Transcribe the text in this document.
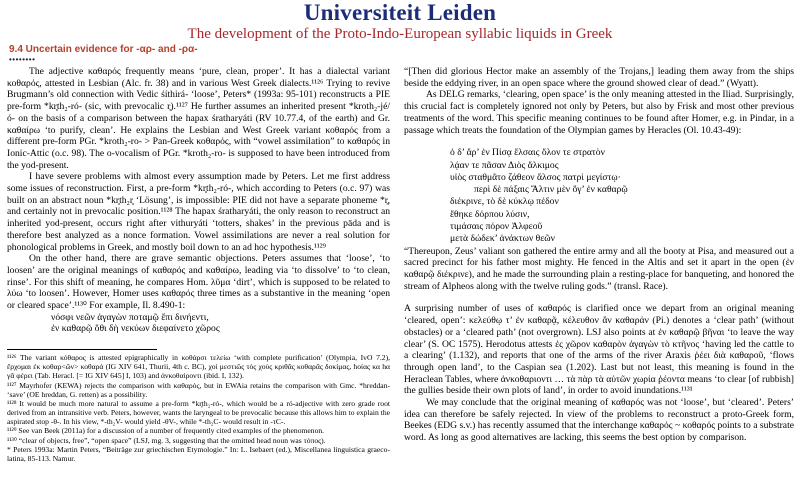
Universiteit Leiden
The development of the Proto-Indo-European syllabic liquids in Greek
9.4 Uncertain evidence for -αρ- and -ρα-
••••••••

The adjective καθαρός frequently means ‘pure, clean, proper’. It has a dialectal variant κοθαρός, attested in Lesbian (Alc. fr. 38) and in various West Greek dialects.¹¹²⁶ Trying to revive Brugmann’s old connection with Vedic śíthirá- ‘loose’, Peters* (1993a: 95-101) reconstructs a PIE pre-form *kr̥th₂-ró- (sic, with prevocalic r̥).¹¹²⁷ He further assumes an inherited present *kroth₂-jé/ó- on the basis of a comparison between the hapax śratharyáti (RV 10.77.4, of the earth) and Gr. καθαίρω ‘to purify, clean’. He explains the Lesbian and West Greek variant κοθαρός from a different pre-form PGr. *kroth₂-ro- > Pan-Greek κοθαρός, with “vowel assimilation” to καθαρός in Ionic-Attic (o.c. 98). The o-vocalism of PGr. *kroth₂-ro- is supposed to have been introduced from the yod-present.

I have severe problems with almost every assumption made by Peters. Let me first address some issues of reconstruction. First, a pre-form *kr̥th₂-ró-, which according to Peters (o.c. 97) was built on an abstract noun *kr̥th₂r̥ ‘Lösung’, is impossible: PIE did not have a separate phoneme *r̥, and certainly not in prevocalic position.¹¹²⁸ The hapax śratharyáti, the only reason to reconstruct an inherited yod-present, occurs right after vithuryáti ‘totters, shakes’ in the previous pāda and is therefore best analyzed as a nonce formation. Vowel assimilations are never a real solution for phonological problems in Greek, and mostly boil down to an ad hoc hypothesis.¹¹²⁹

On the other hand, there are grave semantic objections. Peters assumes that ‘loose’, ‘to loosen’ are the original meanings of καθαρός and καθαίρω, leading via ‘to dissolve’ to ‘to clean, rinse’. For this shift of meaning, he compares Hom. λῦμα ‘dirt’, which is supposed to be related to λύω ‘to loosen’. However, Homer uses καθαρός three times as a substantive in the meaning ‘open or cleared space’.¹¹³⁰ For example, Il. 8.490-1:

νόσφι νεῶν ἀγαγὼν ποταμῷ ἔπι δινήεντι,
ἐν καθαρῷ ὅθι δὴ νεκύων διεφαίνετο χῶρος

¹¹²⁶ The variant κόθαρος is attested epigraphically in κοθάρσι τελείω ‘with complete purification’ (Olympia, IvO 7.2), ἔρχομαι ἐκ κοθαρ<ῶν> κοθαρά (IG XIV 641, Thurii, 4th c. BC), χοὶ μεστιῶς τὸς χοὺς κριθᾶς κοθαρᾶς δοκίμας, hoίας κα hα γᾶ φέρει (Tab. Heracl. [= IG XIV 645] I, 103) and ἀνκοθαίροντι (ibid. I, 132).

¹¹²⁷ Mayrhofer (KEWA) rejects the comparison with καθαρός, but in EWAia retains the comparison with Gmc. *hreddan- ‘save’ (OE hreddan, G. retten) as a possibility.

¹¹²⁸ It would be much more natural to assume a pre-form *kr̥th₂-ró-, which would be a ró-adjective with zero grade root derived from an intransitive verb. Peters, however, wants the laryngeal to be prevocalic because this allows him to explain the aspirated stop -θ-. In his view, *-th₂V- would yield -θV-, while *-th₂C- would result in -τC-.

¹¹²⁹ See van Beek (2011a) for a discussion of a number of frequently cited examples of the phenomenon.

¹¹³⁰ “clear of objects, free”, “open space” (LSJ, mg. 3, suggesting that the omitted head noun was τόπος).

* Peters 1993a: Martin Peters, “Beiträge zur griechischen Etymologie.” In: L. Isebaert (ed.), Miscellanea linguistica graeco-latina, 85-113. Namur.

“[Then did glorious Hector make an assembly of the Trojans,] leading them away from the ships beside the eddying river, in an open space where the ground showed clear of dead.” (Wyatt).

As DELG remarks, ‘clearing, open space’ is the only meaning attested in the Iliad. Surprisingly, this crucial fact is completely ignored not only by Peters, but also by Frisk and most other previous treatments of the word. This specific meaning continues to be found after Homer, e.g. in Pindar, in a passage which treats the foundation of the Olympian games by Heracles (Ol. 10.43-49):

ὁ δ’ ἄρ’ ἐν Πίσᾳ ἔλσαις ὅλον τε στρατὸν
λᾴαν τε πᾶσαν Διὸς ἄλκιμος
υἱὸς σταθμᾶτο ζάθεον ἄλσος πατρὶ μεγίστῳ·
περὶ δὲ πάξαις Ἄλτιν μὲν ὅγ’ ἐν καθαρῷ
διέκρινε, τὸ δὲ κύκλῳ πέδον
ἔθηκε δόρπου λύσιν,
τιμάσαις πόρον Ἀλφεοῦ
μετὰ δώδεκ’ ἀνάκτων θεῶν

“Thereupon, Zeus’ valiant son gathered the entire army and all the booty at Pisa, and measured out a sacred precinct for his father most mighty. He fenced in the Altis and set it apart in the open (ἐν καθαρῷ διέκρινε), and he made the surrounding plain a resting-place for banqueting, and honored the stream of Alpheos along with the twelve ruling gods.” (transl. Race).

A surprising number of uses of καθαρός is clarified once we depart from an original meaning ‘cleared, open’: κελεύθῳ τ’ ἐν καθαρᾷ, κέλευθον ἂν καθαράν (Pi.) denotes a ‘clear path’ (without obstacles) or a ‘cleared path’ (not overgrown). LSJ also points at ἐν καθαρῷ βῆναι ‘to leave the way clear’ (S. OC 1575). Herodotus attests ἐς χῶρον καθαρὸν ἀγαγὼν τὸ κτῆνος ‘having led the cattle to a clearing’ (1.132), and reports that one of the arms of the river Araxis ῥέει διὰ καθαροῦ, ‘flows through open land’, to the Caspian sea (1.202). Last but not least, this meaning is found in the Heraclean Tables, where ἀνκοθαριοντι … τὰ πὰρ τὰ αὐτῶν χωρία ῥέοντα means ‘to clear [of rubbish] the gullies beside their own plots of land’, in order to avoid inundations.¹¹³¹

We may conclude that the original meaning of καθαρός was not ‘loose’, but ‘cleared’. Peters’ idea can therefore be safely rejected. In view of the problems to reconstruct a proto-Greek form, Beekes (EDG s.v.) has recently assumed that the interchange καθαρός ~ κοθαρός points to a substrate word. As long as good alternatives are lacking, this seems the best option by comparison.
